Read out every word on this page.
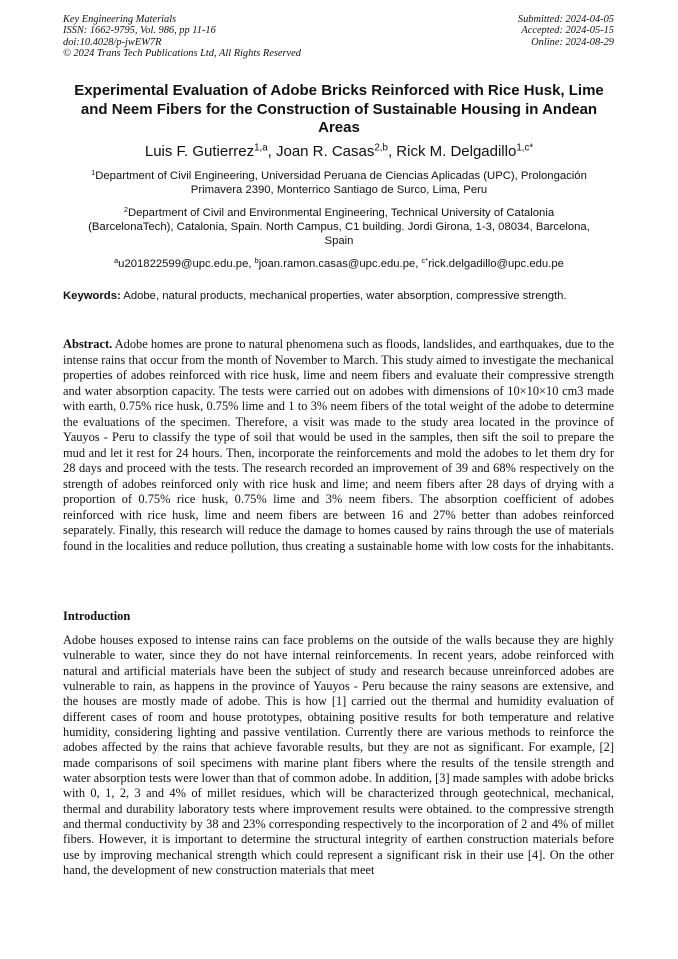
Key Engineering Materials
ISSN: 1662-9795, Vol. 986, pp 11-16
doi:10.4028/p-jwEW7R
© 2024 Trans Tech Publications Ltd, All Rights Reserved
Submitted: 2024-04-05
Accepted: 2024-05-15
Online: 2024-08-29
Experimental Evaluation of Adobe Bricks Reinforced with Rice Husk, Lime and Neem Fibers for the Construction of Sustainable Housing in Andean Areas
Luis F. Gutierrez$^{1,a}$, Joan R. Casas$^{2,b}$, Rick M. Delgadillo$^{1,c*}$
$^1$Department of Civil Engineering, Universidad Peruana de Ciencias Aplicadas (UPC), Prolongación Primavera 2390, Monterrico Santiago de Surco, Lima, Peru
$^2$Department of Civil and Environmental Engineering, Technical University of Catalonia (BarcelonaTech), Catalonia, Spain. North Campus, C1 building. Jordi Girona, 1-3, 08034, Barcelona, Spain
$^a$u201822599@upc.edu.pe, $^b$joan.ramon.casas@upc.edu.pe, $^{c*}$rick.delgadillo@upc.edu.pe
Keywords: Adobe, natural products, mechanical properties, water absorption, compressive strength.
Abstract. Adobe homes are prone to natural phenomena such as floods, landslides, and earthquakes, due to the intense rains that occur from the month of November to March. This study aimed to investigate the mechanical properties of adobes reinforced with rice husk, lime and neem fibers and evaluate their compressive strength and water absorption capacity. The tests were carried out on adobes with dimensions of 10×10×10 cm3 made with earth, 0.75% rice husk, 0.75% lime and 1 to 3% neem fibers of the total weight of the adobe to determine the evaluations of the specimen. Therefore, a visit was made to the study area located in the province of Yauyos - Peru to classify the type of soil that would be used in the samples, then sift the soil to prepare the mud and let it rest for 24 hours. Then, incorporate the reinforcements and mold the adobes to let them dry for 28 days and proceed with the tests. The research recorded an improvement of 39 and 68% respectively on the strength of adobes reinforced only with rice husk and lime; and neem fibers after 28 days of drying with a proportion of 0.75% rice husk, 0.75% lime and 3% neem fibers. The absorption coefficient of adobes reinforced with rice husk, lime and neem fibers are between 16 and 27% better than adobes reinforced separately. Finally, this research will reduce the damage to homes caused by rains through the use of materials found in the localities and reduce pollution, thus creating a sustainable home with low costs for the inhabitants.
Introduction
Adobe houses exposed to intense rains can face problems on the outside of the walls because they are highly vulnerable to water, since they do not have internal reinforcements. In recent years, adobe reinforced with natural and artificial materials have been the subject of study and research because unreinforced adobes are vulnerable to rain, as happens in the province of Yauyos - Peru because the rainy seasons are extensive, and the houses are mostly made of adobe. This is how [1] carried out the thermal and humidity evaluation of different cases of room and house prototypes, obtaining positive results for both temperature and relative humidity, considering lighting and passive ventilation. Currently there are various methods to reinforce the adobes affected by the rains that achieve favorable results, but they are not as significant. For example, [2] made comparisons of soil specimens with marine plant fibers where the results of the tensile strength and water absorption tests were lower than that of common adobe. In addition, [3] made samples with adobe bricks with 0, 1, 2, 3 and 4% of millet residues, which will be characterized through geotechnical, mechanical, thermal and durability laboratory tests where improvement results were obtained. to the compressive strength and thermal conductivity by 38 and 23% corresponding respectively to the incorporation of 2 and 4% of millet fibers. However, it is important to determine the structural integrity of earthen construction materials before use by improving mechanical strength which could represent a significant risk in their use [4]. On the other hand, the development of new construction materials that meet
